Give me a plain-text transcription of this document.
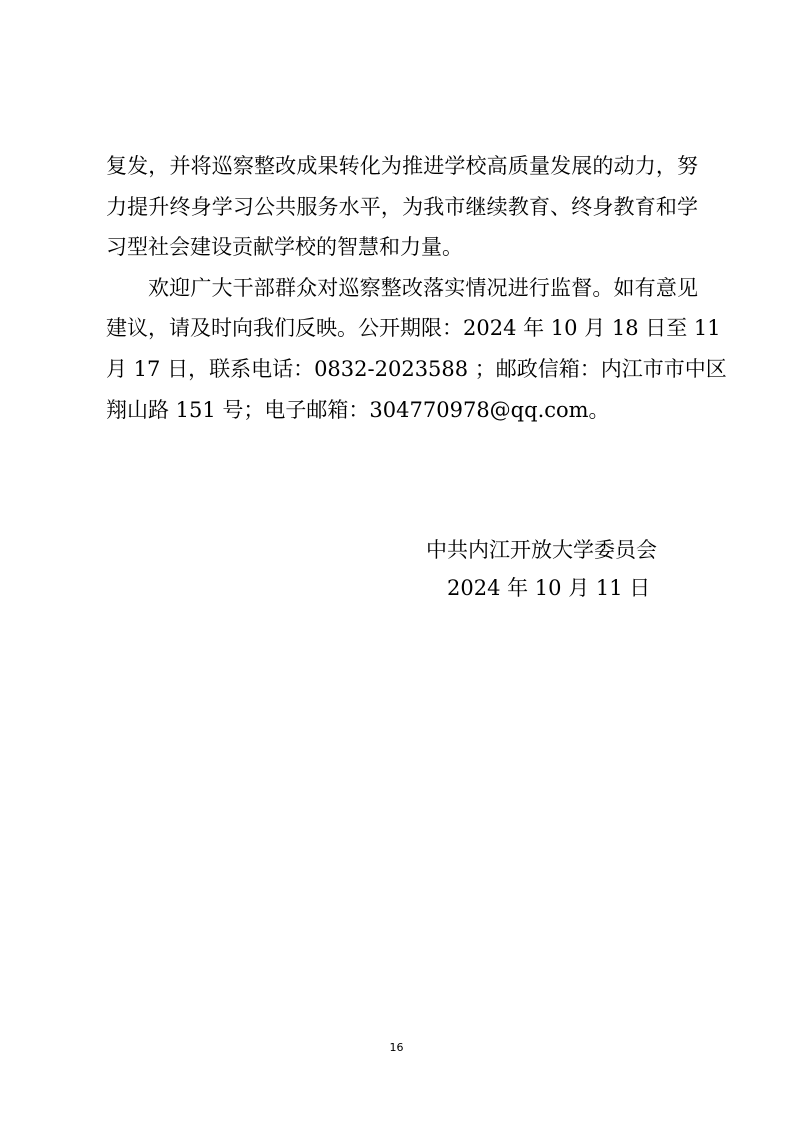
复发，并将巡察整改成果转化为推进学校高质量发展的动力，努
力提升终身学习公共服务水平，为我市继续教育、终身教育和学
习型社会建设贡献学校的智慧和力量。
欢迎广大干部群众对巡察整改落实情况进行监督。如有意见
建议，请及时向我们反映。公开期限：2024 年 10 月 18 日至 11
月 17 日，联系电话：0832-2023588 ；邮政信箱：内江市市中区
翔山路 151 号；电子邮箱：304770978@qq.com。
中共内江开放大学委员会
2024 年 10 月 11 日
16
